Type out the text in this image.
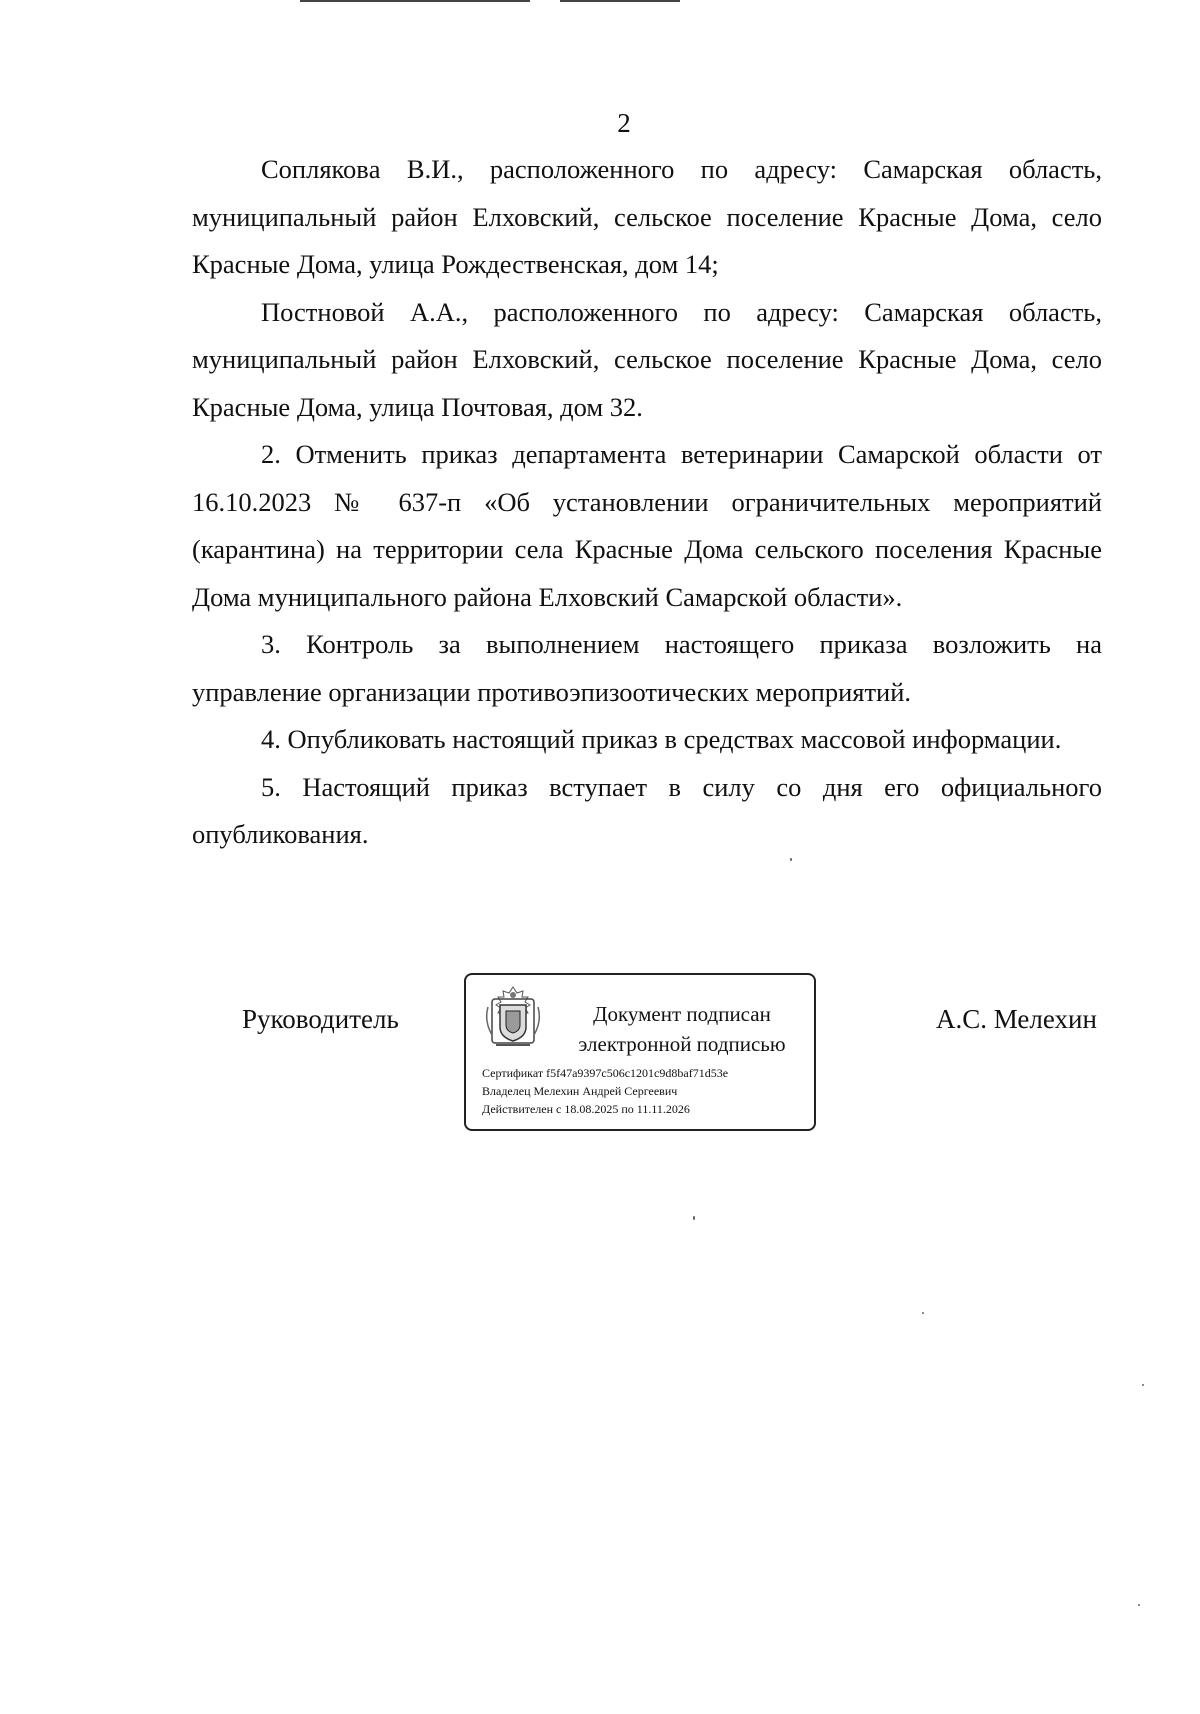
2

Сопляковa В.И., расположенного по адресу: Самарская область, муниципальный район Елховский, сельское поселение Красные Дома, село Красные Дома, улица Рождественская, дом 14;

Постновой А.А., расположенного по адресу: Самарская область, муниципальный район Елховский, сельское поселение Красные Дома, село Красные Дома, улица Почтовая, дом 32.

2. Отменить приказ департамента ветеринарии Самарской области от 16.10.2023 № 637-п «Об установлении ограничительных мероприятий (карантина) на территории села Красные Дома сельского поселения Красные Дома муниципального района Елховский Самарской области».

3. Контроль за выполнением настоящего приказа возложить на управление организации противоэпизоотических мероприятий.

4. Опубликовать настоящий приказ в средствах массовой информации.

5. Настоящий приказ вступает в силу со дня его официального опубликования.

Руководитель	Документ подписан
электронной подписью
Сертификат f5f47a9397c506c1201c9d8baf71d53e
Владелец Мелехин Андрей Сергеевич
Действителен с 18.08.2025 по 11.11.2026
А.С. Мелехин
